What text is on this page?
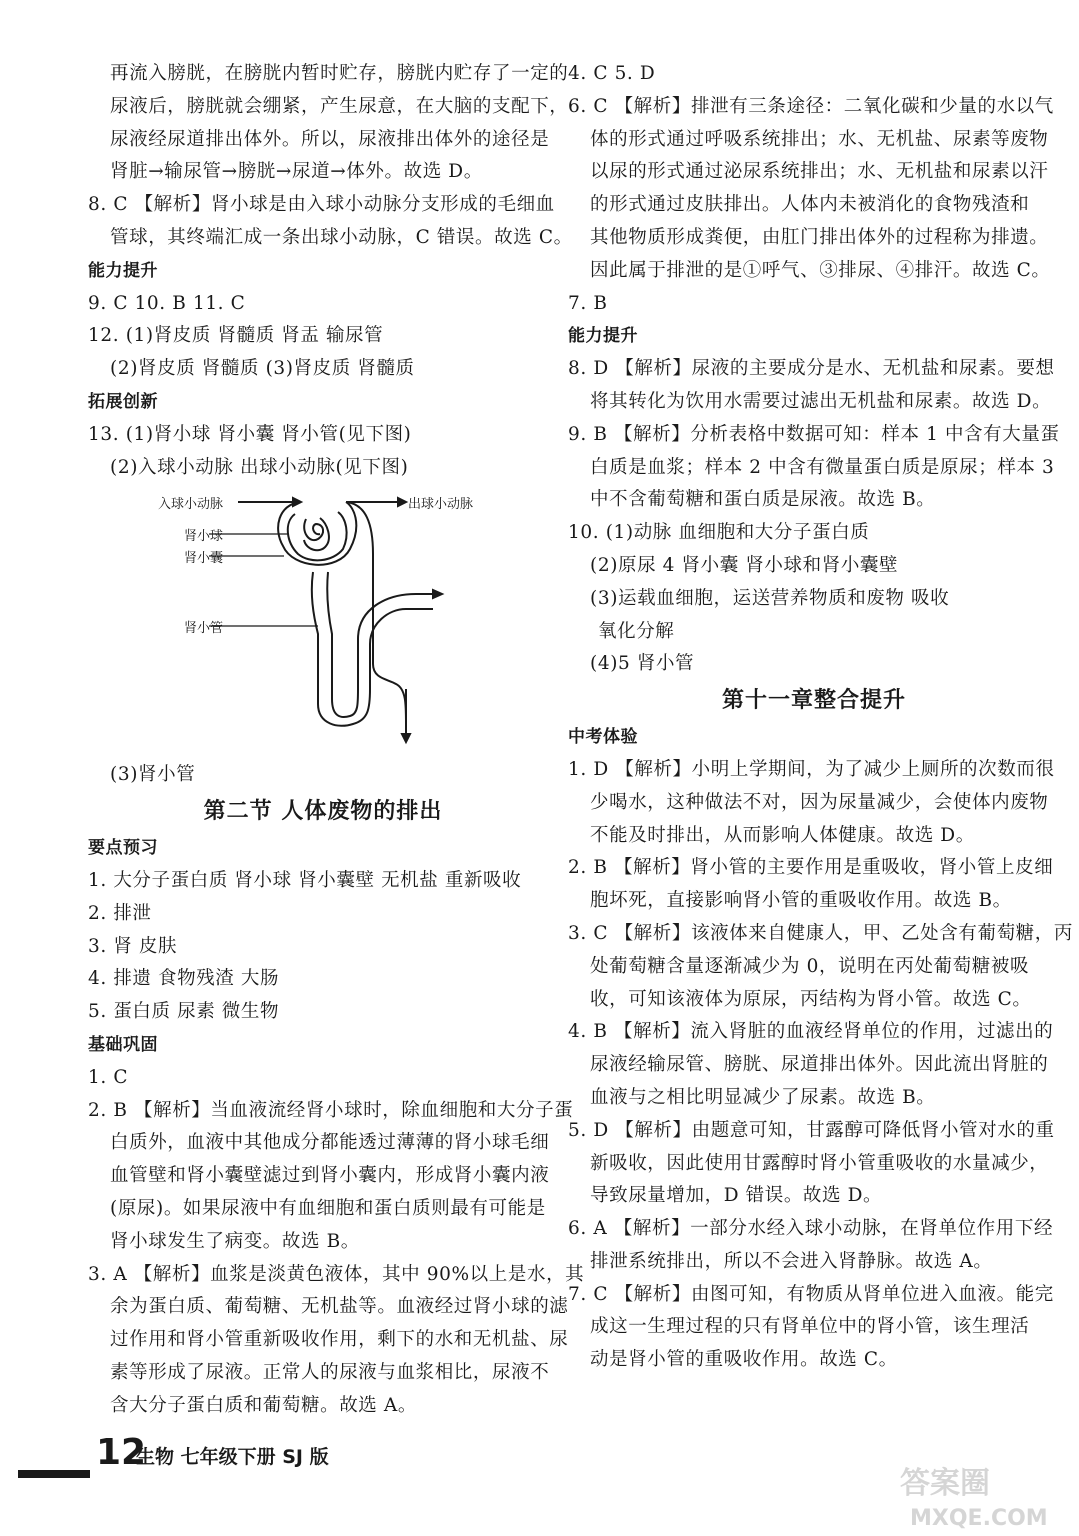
再流入膀胱，在膀胱内暂时贮存，膀胱内贮存了一定的
尿液后，膀胱就会绷紧，产生尿意，在大脑的支配下，
尿液经尿道排出体外。所以，尿液排出体外的途径是
肾脏→输尿管→膀胱→尿道→体外。故选 D。
8. C 【解析】肾小球是由入球小动脉分支形成的毛细血
管球，其终端汇成一条出球小动脉，C 错误。故选 C。
能力提升
9. C 10. B 11. C
12. (1)肾皮质 肾髓质 肾盂 输尿管
(2)肾皮质 肾髓质 (3)肾皮质 肾髓质
拓展创新
13. (1)肾小球 肾小囊 肾小管(见下图)
(2)入球小动脉 出球小动脉(见下图)
入球小动脉	出球小动脉
肾小球
肾小囊
肾小管
(3)肾小管
第二节 人体废物的排出
要点预习
1. 大分子蛋白质 肾小球 肾小囊壁 无机盐 重新吸收
2. 排泄
3. 肾 皮肤
4. 排遗 食物残渣 大肠
5. 蛋白质 尿素 微生物
基础巩固
1. C
2. B 【解析】当血液流经肾小球时，除血细胞和大分子蛋
白质外，血液中其他成分都能透过薄薄的肾小球毛细
血管壁和肾小囊壁滤过到肾小囊内，形成肾小囊内液
(原尿)。如果尿液中有血细胞和蛋白质则最有可能是
肾小球发生了病变。故选 B。
3. A 【解析】血浆是淡黄色液体，其中 90%以上是水，其
余为蛋白质、葡萄糖、无机盐等。血液经过肾小球的滤
过作用和肾小管重新吸收作用，剩下的水和无机盐、尿
素等形成了尿液。正常人的尿液与血浆相比，尿液不
含大分子蛋白质和葡萄糖。故选 A。
4. C 5. D
6. C 【解析】排泄有三条途径：二氧化碳和少量的水以气
体的形式通过呼吸系统排出；水、无机盐、尿素等废物
以尿的形式通过泌尿系统排出；水、无机盐和尿素以汗
的形式通过皮肤排出。人体内未被消化的食物残渣和
其他物质形成粪便，由肛门排出体外的过程称为排遗。
因此属于排泄的是①呼气、③排尿、④排汗。故选 C。
7. B
能力提升
8. D 【解析】尿液的主要成分是水、无机盐和尿素。要想
将其转化为饮用水需要过滤出无机盐和尿素。故选 D。
9. B 【解析】分析表格中数据可知：样本 1 中含有大量蛋
白质是血浆；样本 2 中含有微量蛋白质是原尿；样本 3
中不含葡萄糖和蛋白质是尿液。故选 B。
10. (1)动脉 血细胞和大分子蛋白质
(2)原尿 4 肾小囊 肾小球和肾小囊壁
(3)运载血细胞，运送营养物质和废物 吸收
氧化分解
(4)5 肾小管
第十一章整合提升
中考体验
1. D 【解析】小明上学期间，为了减少上厕所的次数而很
少喝水，这种做法不对，因为尿量减少，会使体内废物
不能及时排出，从而影响人体健康。故选 D。
2. B 【解析】肾小管的主要作用是重吸收，肾小管上皮细
胞坏死，直接影响肾小管的重吸收作用。故选 B。
3. C 【解析】该液体来自健康人，甲、乙处含有葡萄糖，丙
处葡萄糖含量逐渐减少为 0，说明在丙处葡萄糖被吸
收，可知该液体为原尿，丙结构为肾小管。故选 C。
4. B 【解析】流入肾脏的血液经肾单位的作用，过滤出的
尿液经输尿管、膀胱、尿道排出体外。因此流出肾脏的
血液与之相比明显减少了尿素。故选 B。
5. D 【解析】由题意可知，甘露醇可降低肾小管对水的重
新吸收，因此使用甘露醇时肾小管重吸收的水量减少，
导致尿量增加，D 错误。故选 D。
6. A 【解析】一部分水经入球小动脉，在肾单位作用下经
排泄系统排出，所以不会进入肾静脉。故选 A。
7. C 【解析】由图可知，有物质从肾单位进入血液。能完
成这一生理过程的只有肾单位中的肾小管，该生理活
动是肾小管的重吸收作用。故选 C。
12
生物 七年级下册 SJ 版
答案圈
MXQE.COM
